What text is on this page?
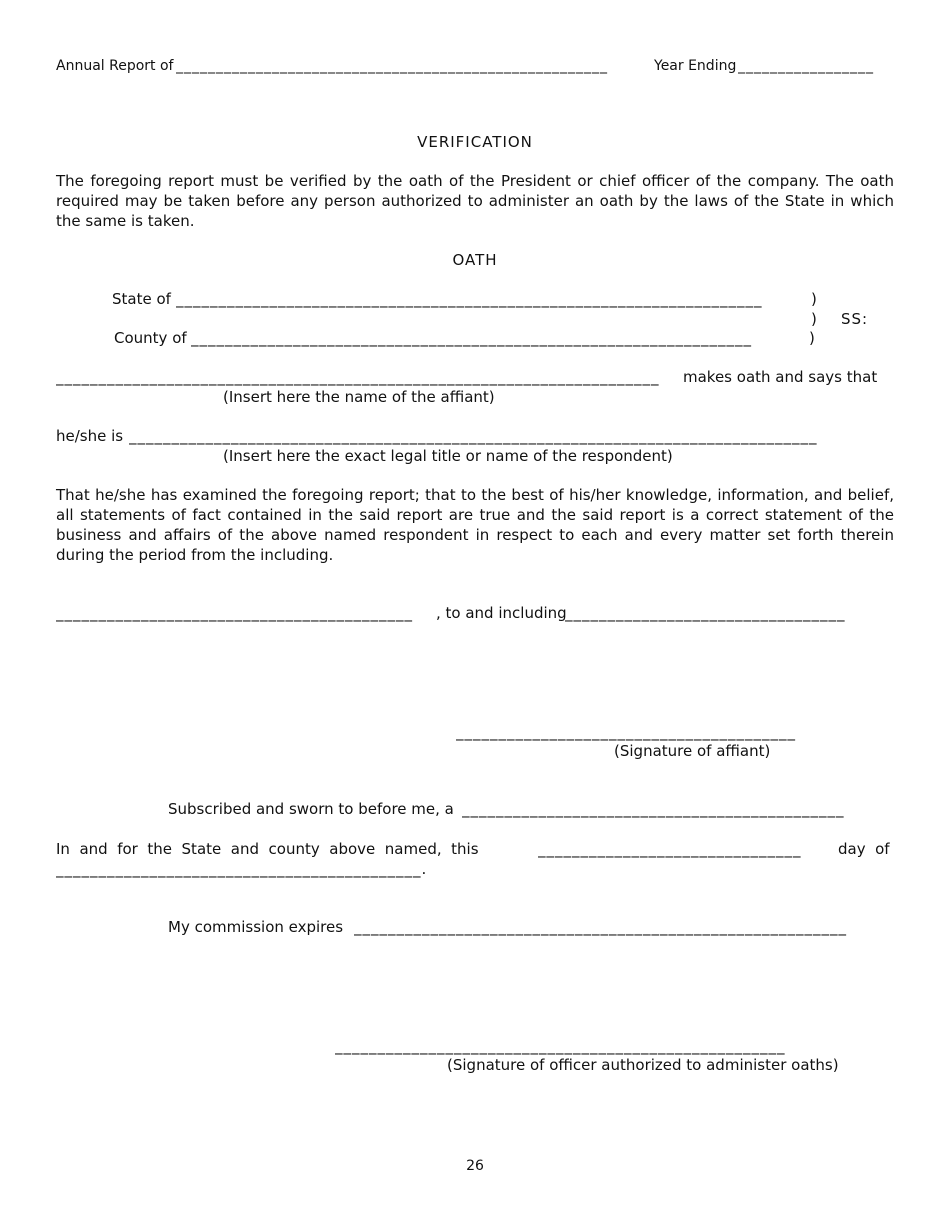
Annual Report of ______________________________________________________	Year Ending _________________
VERIFICATION
The foregoing report must be verified by the oath of the President or chief officer of the company. The oath required may be taken before any person authorized to administer an oath by the laws of the State in which the same is taken.
OATH
State of _____________________________________________________________________	)
) SS:
County of __________________________________________________________________	)
_______________________________________________________________________	makes oath and says that
(Insert here the name of the affiant)
he/she is _________________________________________________________________________________
(Insert here the exact legal title or name of the respondent)
That he/she has examined the foregoing report; that to the best of his/her knowledge, information, and belief, all statements of fact contained in the said report are true and the said report is a correct statement of the business and affairs of the above named respondent in respect to each and every matter set forth therein during the period from the including.
__________________________________________	, to and including
_________________________________
________________________________________
(Signature of affiant)
Subscribed and sworn to before me, a _____________________________________________
In  and  for  the  State  and  county  above  named,  this	_______________________________	day  of
___________________________________________.
My commission expires __________________________________________________________
_____________________________________________________
(Signature of officer authorized to administer oaths)
26
